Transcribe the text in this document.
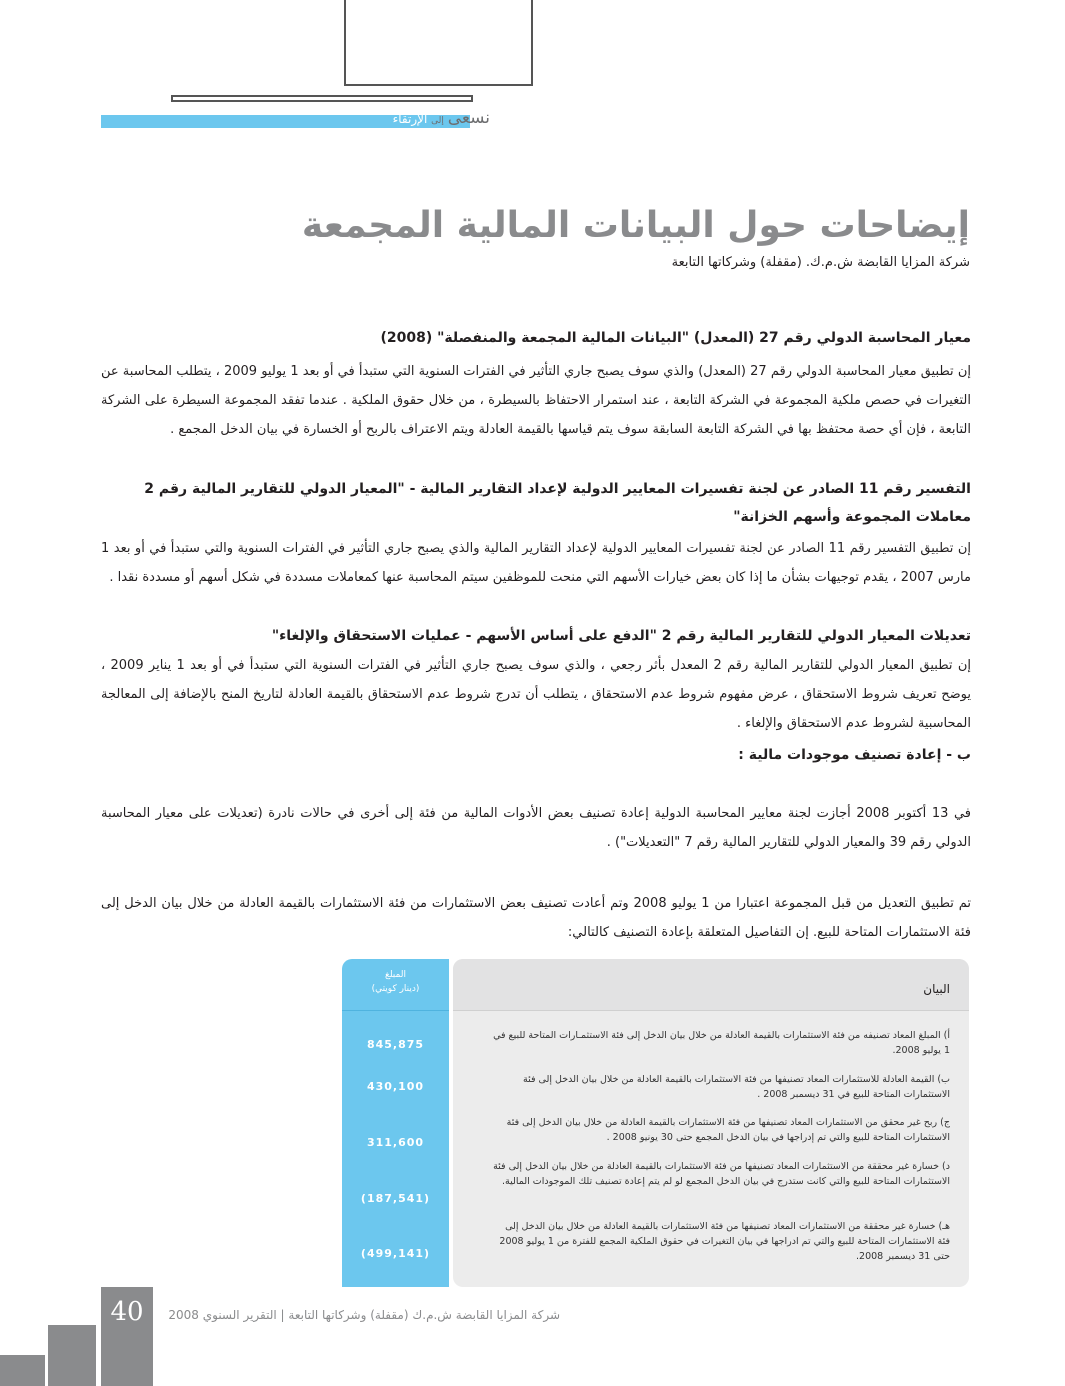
نسعى إلى الإرتقاء
إيضاحات حول البيانات المالية المجمعة
شركة المزايا القابضة ش.م.ك. (مقفلة) وشركاتها التابعة
معيار المحاسبة الدولي رقم 27 (المعدل) "البيانات المالية المجمعة والمنفصلة" (2008)
إن تطبيق معيار المحاسبة الدولي رقم 27 (المعدل) والذي سوف يصبح جاري التأثير في الفترات السنوية التي ستبدأ في أو بعد 1 يوليو 2009 ، يتطلب المحاسبة عن التغيرات في حصص ملكية المجموعة في الشركة التابعة ، عند استمرار الاحتفاظ بالسيطرة ، من خلال حقوق الملكية . عندما تفقد المجموعة السيطرة على الشركة التابعة ، فإن أي حصة محتفظ بها في الشركة التابعة السابقة سوف يتم قياسها بالقيمة العادلة ويتم الاعتراف بالربح أو الخسارة في بيان الدخل المجمع .
التفسير رقم 11 الصادر عن لجنة تفسيرات المعايير الدولية لإعداد التقارير المالية - "المعيار الدولي للتقارير المالية رقم 2 معاملات المجموعة وأسهم الخزانة"
إن تطبيق التفسير رقم 11 الصادر عن لجنة تفسيرات المعايير الدولية لإعداد التقارير المالية والذي يصبح جاري التأثير في الفترات السنوية والتي ستبدأ في أو بعد 1 مارس 2007 ، يقدم توجيهات بشأن ما إذا كان بعض خيارات الأسهم التي منحت للموظفين سيتم المحاسبة عنها كمعاملات مسددة في شكل أسهم أو مسددة نقدا .
تعديلات المعيار الدولي للتقارير المالية رقم 2 "الدفع على أساس الأسهم - عمليات الاستحقاق والإلغاء"
إن تطبيق المعيار الدولي للتقارير المالية رقم 2 المعدل بأثر رجعي ، والذي سوف يصبح جاري التأثير في الفترات السنوية التي ستبدأ في أو بعد 1 يناير 2009 ، يوضح تعريف شروط الاستحقاق ، عرض مفهوم شروط عدم الاستحقاق ، يتطلب أن تدرج شروط عدم الاستحقاق بالقيمة العادلة لتاريخ المنح بالإضافة إلى المعالجة المحاسبية لشروط عدم الاستحقاق والإلغاء .
ب - إعادة تصنيف موجودات مالية :
في 13 أكتوبر 2008 أجازت لجنة معايير المحاسبة الدولية إعادة تصنيف بعض الأدوات المالية من فئة إلى أخرى في حالات نادرة (تعديلات على معيار المحاسبة الدولي رقم 39 والمعيار الدولي للتقارير المالية رقم 7 "التعديلات") .
تم تطبيق التعديل من قبل المجموعة اعتبارا من 1 يوليو 2008 وتم أعادت تصنيف بعض الاستثمارات من فئة الاستثمارات بالقيمة العادلة من خلال بيان الدخل إلى فئة الاستثمارات المتاحة للبيع. إن التفاصيل المتعلقة بإعادة التصنيف كالتالي:
البيان
المبلغ
(دينار كويتي)
أ) المبلغ المعاد تصنيفه من فئة الاستثمارات بالقيمة العادلة من خلال بيان الدخل إلى فئة الاستثمـارات المتاحة للبيع في 1 يوليو 2008.
845,875
ب) القيمة العادلة للاستثمارات المعاد تصنيفها من فئة الاستثمارات بالقيمة العادلة من خلال بيان الدخل إلى فئة الاستثمارات المتاحة للبيع في 31 ديسمبر 2008 .
430,100
ج) ربح غير محقق من الاستثمارات المعاد تصنيفها من فئة الاستثمارات بالقيمة العادلة من خلال بيان الدخل إلى فئة الاستثمارات المتاحة للبيع والتي تم إدراجها في بيان الدخل المجمع حتى 30 يونيو 2008 .
311,600
د) خسارة غير محققة من الاستثمارات المعاد تصنيفها من فئة الاستثمارات بالقيمة العادلة من خلال بيان الدخل إلى فئة الاستثمارات المتاحة للبيع والتي كانت ستدرج في بيان الدخل المجمع لو لم يتم إعادة تصنيف تلك الموجودات المالية.
(187,541)
هـ) خسارة غير محققة من الاستثمارات المعاد تصنيفها من فئة الاستثمارات بالقيمة العادلة من خلال بيان الدخل إلى فئة الاستثمارات المتاحة للبيع والتي تم ادراجها في بيان التغيرات في حقوق الملكية المجمع للفترة من 1 يوليو 2008 حتى 31 ديسمبر 2008.
(499,141)
40	شركة المزايا القابضة ش.م.ك (مقفلة) وشركاتها التابعة | التقرير السنوي 2008
